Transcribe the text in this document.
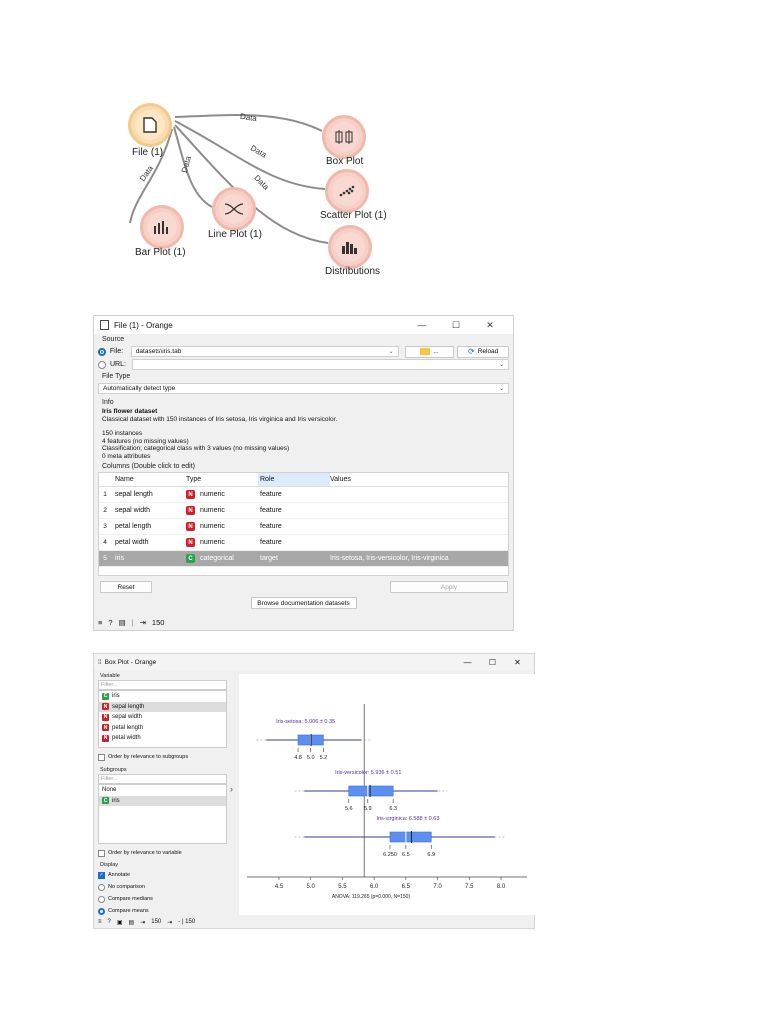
Data
Data
Data
Data
Data
File (1)
Box Plot
Scatter Plot (1)
Distributions
Line Plot (1)
Bar Plot (1)
File (1) - Orange	—	☐	✕
Source
File:	datasets\iris.tab	⌄	...	⟳ Reload
URL:	⌄
File Type
Automatically detect type	⌄
Info
Iris flower dataset
Classical dataset with 150 instances of Iris setosa, Iris virginica and Iris versicolor.
150 instances
4 features (no missing values)
Classification; categorical class with 3 values (no missing values)
0 meta attributes
Columns (Double click to edit)
Name	Type	Role	Values
1	sepal length	N	numeric	feature
2	sepal width	N	numeric	feature
3	petal length	N	numeric	feature
4	petal width	N	numeric	feature
5	iris	C	categorical	target	Iris-setosa, Iris-versicolor, Iris-virginica
Reset	Apply
Browse documentation datasets
≡ ? ▤ | ⇥ 150
⁞⁞ Box Plot - Orange	—	☐	✕
Variable
Filter...
C iris
N sepal length
N sepal width
N petal length
N petal width
Order by relevance to subgroups
Subgroups
Filter...
None
C iris
Order by relevance to variable
Display
✓ Annotate
No comparison
Compare medians
Compare means
›
Iris-setosa: 5.006 ± 0.35
4.8 5.0 5.2
Iris-versicolor: 5.936 ± 0.51
5.6 5.9	6.3
Iris-virginica: 6.588 ± 0.63
6.250 6.5	6.9
4.5	5.0	5.5	6.0	6.5	7.0	7.5	8.0
ANOVA: 119.265 (p=0.000, N=150)
≡ ? ▣ ▤ ⇥ 150 ⇥ - | 150
